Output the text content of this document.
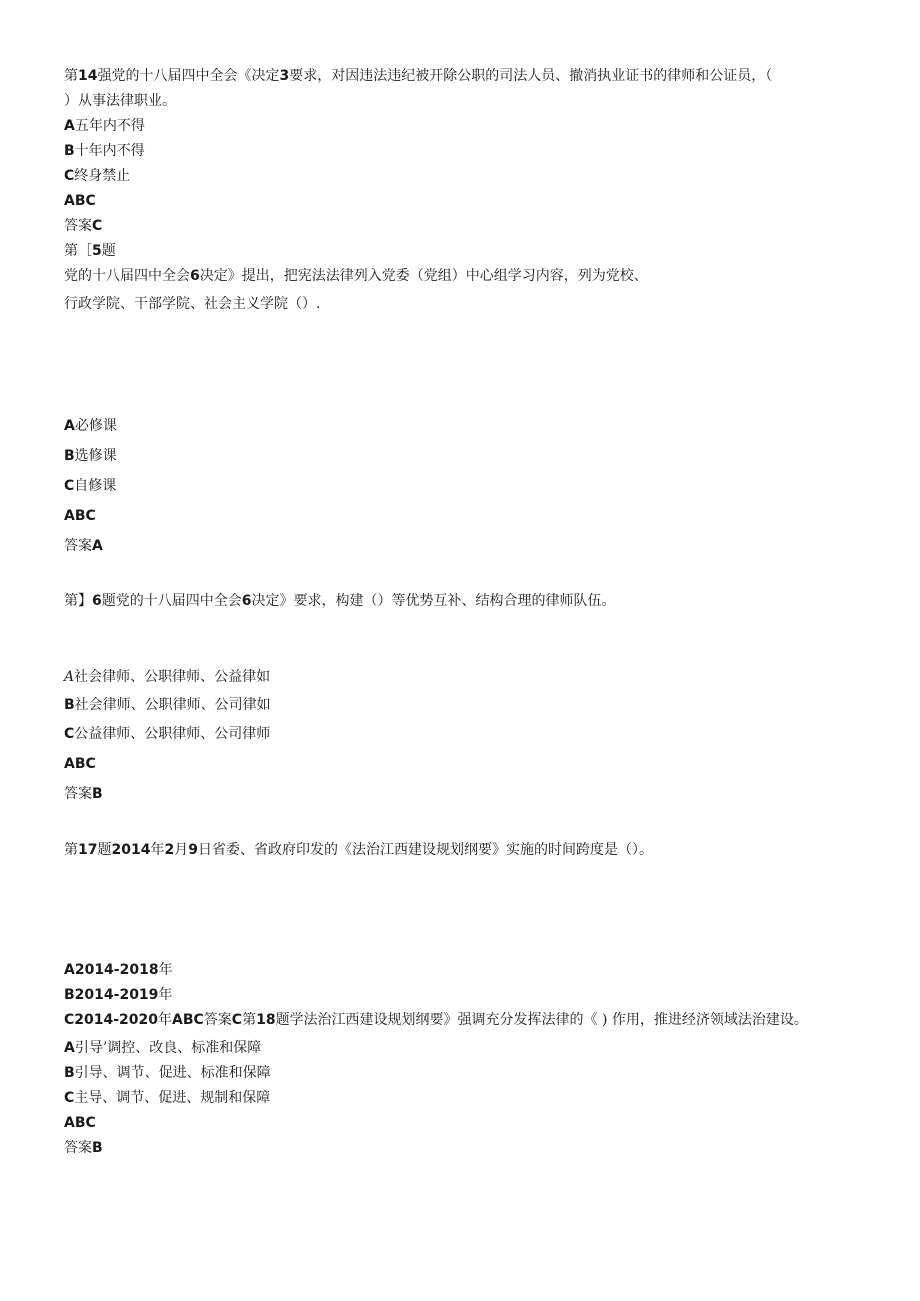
第14强党的十八届四中全会《决定3要求，对因违法违纪被开除公职的司法人员、撤消执业证书的律师和公证员，（
）从事法律职业。
A五年内不得
B十年内不得
C终身禁止
ABC
答案C
第［5题
党的十八届四中全会6决定》提出，把宪法法律列入党委（党组）中心组学习内容，列为党校、
行政学院、干部学院、社会主义学院（）.
A必修课
B选修课
C自修课
ABC
答案A
第】6题党的十八届四中全会6决定》要求，构建（）等优势互补、结构合理的律师队伍。
A社会律师、公职律师、公益律如
B社会律师、公职律师、公司律如
C公益律师、公职律师、公司律师
ABC
答案B
第17题2014年2月9日省委、省政府印发的《法治江西建设规划纲要》实施的时间跨度是（）。
A2014-2018年
B2014-2019年
C2014-2020年ABC答案C第18题学法治江西建设规划纲要》强调充分发挥法律的《 ) 作用，推进经济领域法治建设。
A引导’调控、改良、标准和保障
B引导、调节、促进、标准和保障
C主导、调节、促进、规制和保障
ABC
答案B
